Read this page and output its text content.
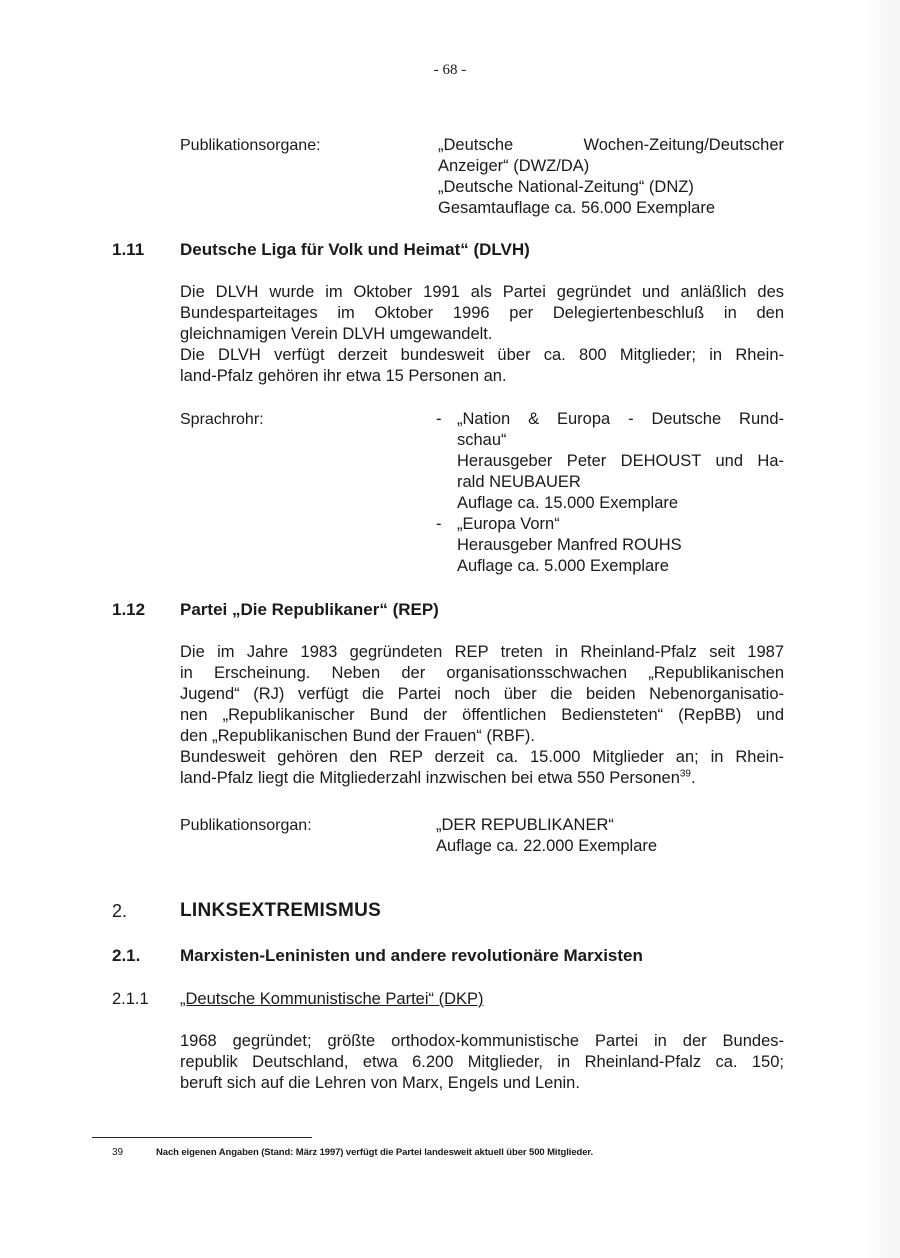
- 68 -
Publikationsorgane:	„Deutsche Wochen-Zeitung/Deutscher
Anzeiger“ (DWZ/DA)
„Deutsche National-Zeitung“ (DNZ)
Gesamtauflage ca. 56.000 Exemplare
1.11 Deutsche Liga für Volk und Heimat“ (DLVH)
Die DLVH wurde im Oktober 1991 als Partei gegründet und anläßlich des
Bundesparteitages im Oktober 1996 per Delegiertenbeschluß in den
gleichnamigen Verein DLVH umgewandelt.
Die DLVH verfügt derzeit bundesweit über ca. 800 Mitglieder; in Rhein-
land-Pfalz gehören ihr etwa 15 Personen an.
Sprachrohr:	- „Nation & Europa - Deutsche Rund-
schau“
Herausgeber Peter DEHOUST und Ha-
rald NEUBAUER
Auflage ca. 15.000 Exemplare
- „Europa Vorn“
Herausgeber Manfred ROUHS
Auflage ca. 5.000 Exemplare
1.12 Partei „Die Republikaner“ (REP)
Die im Jahre 1983 gegründeten REP treten in Rheinland-Pfalz seit 1987
in Erscheinung. Neben der organisationsschwachen „Republikanischen
Jugend“ (RJ) verfügt die Partei noch über die beiden Nebenorganisatio-
nen „Republikanischer Bund der öffentlichen Bediensteten“ (RepBB) und
den „Republikanischen Bund der Frauen“ (RBF).
Bundesweit gehören den REP derzeit ca. 15.000 Mitglieder an; in Rhein-
land-Pfalz liegt die Mitgliederzahl inzwischen bei etwa 550 Personen$^{39}$.
Publikationsorgan:	„DER REPUBLIKANER“
Auflage ca. 22.000 Exemplare
2.	LINKSEXTREMISMUS
2.1. Marxisten-Leninisten und andere revolutionäre Marxisten
2.1.1 „Deutsche Kommunistische Partei“ (DKP)
1968 gegründet; größte orthodox-kommunistische Partei in der Bundes-
republik Deutschland, etwa 6.200 Mitglieder, in Rheinland-Pfalz ca. 150;
beruft sich auf die Lehren von Marx, Engels und Lenin.
39	Nach eigenen Angaben (Stand: März 1997) verfügt die Partei landesweit aktuell über 500 Mitglieder.
